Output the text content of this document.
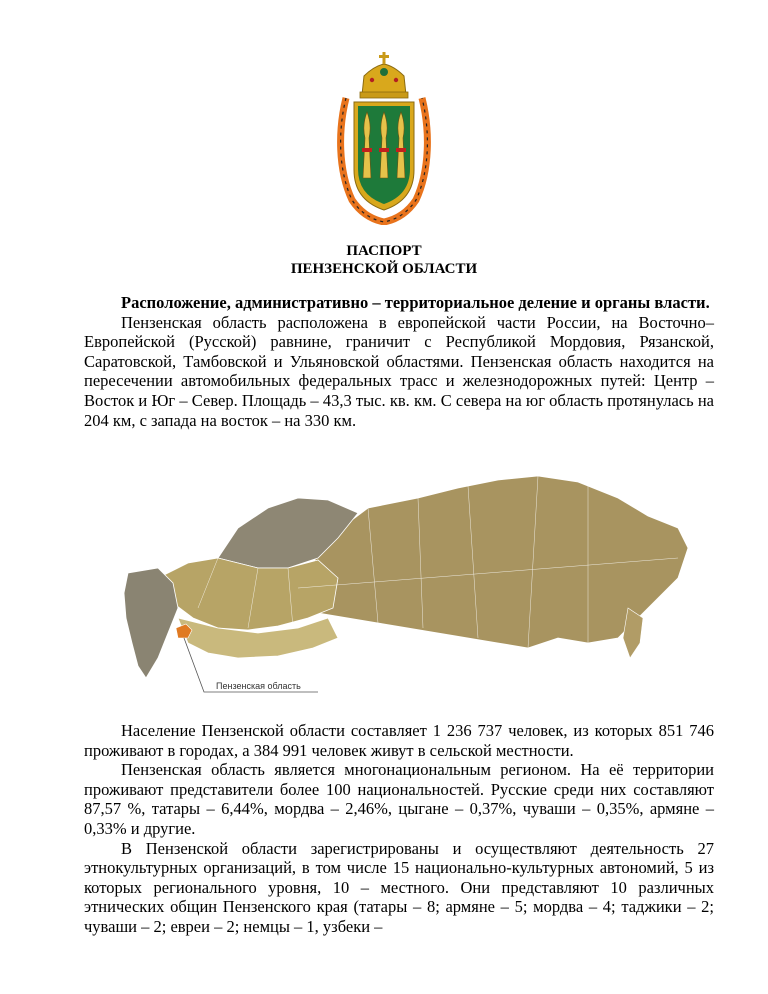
ПАСПОРТ
ПЕНЗЕНСКОЙ ОБЛАСТИ

Расположение, административно – территориальное деление и органы власти.

Пензенская область расположена в европейской части России, на Восточно–Европейской (Русской) равнине, граничит с Республикой Мордовия, Рязанской, Саратовской, Тамбовской и Ульяновской областями. Пензенская область находится на пересечении автомобильных федеральных трасс и железнодорожных путей: Центр – Восток и Юг – Север. Площадь – 43,3 тыс. кв. км. С севера на юг область протянулась на 204 км, с запада на восток – на 330 км.

Пензенская область

Население Пензенской области составляет 1 236 737 человек, из которых 851 746 проживают в городах, а 384 991 человек живут в сельской местности.

Пензенская область является многонациональным регионом. На её территории проживают представители более 100 национальностей. Русские среди них составляют 87,57 %, татары – 6,44%, мордва – 2,46%, цыгане – 0,37%, чуваши – 0,35%, армяне – 0,33% и другие.

В Пензенской области зарегистрированы и осуществляют деятельность 27 этнокультурных организаций, в том числе 15 национально-культурных автономий, 5 из которых регионального уровня, 10 – местного. Они представляют 10 различных этнических общин Пензенского края (татары – 8; армяне – 5; мордва – 4; таджики – 2; чуваши – 2; евреи – 2; немцы – 1, узбеки –
